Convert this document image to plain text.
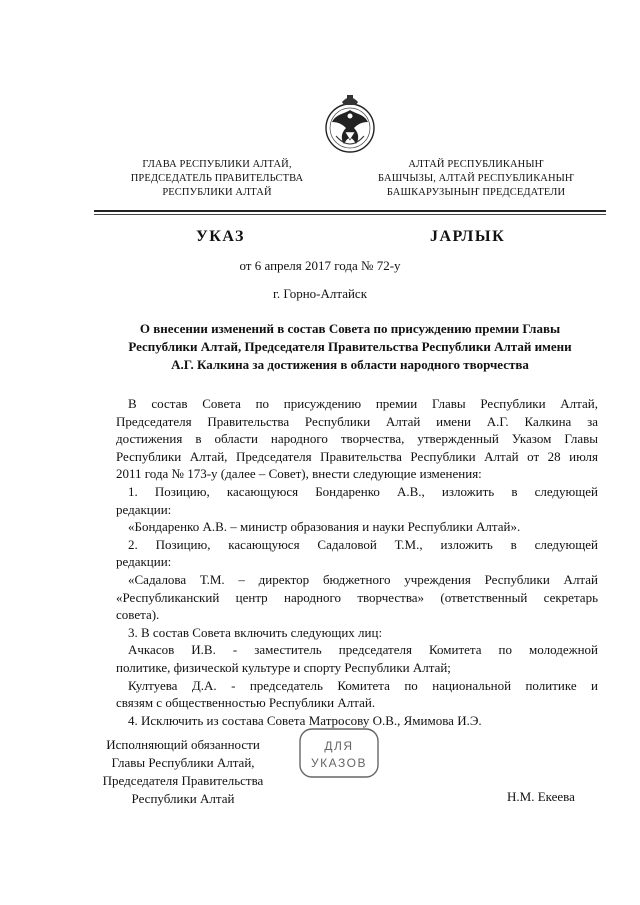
ГЛАВА РЕСПУБЛИКИ АЛТАЙ,
ПРЕДСЕДАТЕЛЬ ПРАВИТЕЛЬСТВА
РЕСПУБЛИКИ АЛТАЙ
АЛТАЙ РЕСПУБЛИКАНЫҤ
БАШЧЫЗЫ, АЛТАЙ РЕСПУБЛИКАНЫҤ
БАШКАРУЗЫНЫҤ ПРЕДСЕДАТЕЛИ
УКАЗ	JАРЛЫК
от 6 апреля 2017 года № 72-у
г. Горно-Алтайск
О внесении изменений в состав Совета по присуждению премии Главы
Республики Алтай, Председателя Правительства Республики Алтай имени
А.Г. Калкина за достижения в области народного творчества
В состав Совета по присуждению премии Главы Республики Алтай,
Председателя Правительства Республики Алтай имени А.Г. Калкина за
достижения в области народного творчества, утвержденный Указом Главы
Республики Алтай, Председателя Правительства Республики Алтай от 28 июля
2011 года № 173-у (далее – Совет), внести следующие изменения:
1. Позицию, касающуюся Бондаренко А.В., изложить в следующей
редакции:
«Бондаренко А.В. – министр образования и науки Республики Алтай».
2. Позицию, касающуюся Садаловой Т.М., изложить в следующей
редакции:
«Садалова Т.М. – директор бюджетного учреждения Республики Алтай
«Республиканский центр народного творчества» (ответственный секретарь
совета).
3. В состав Совета включить следующих лиц:
Ачкасов И.В. - заместитель председателя Комитета по молодежной
политике, физической культуре и спорту Республики Алтай;
Култуева Д.А. - председатель Комитета по национальной политике и
связям с общественностью Республики Алтай.
4. Исключить из состава Совета Матросову О.В., Ямимова И.Э.
Исполняющий обязанности
Главы Республики Алтай,
Председателя Правительства
Республики Алтай
ДЛЯ
УКАЗОВ
Н.М. Екеева
